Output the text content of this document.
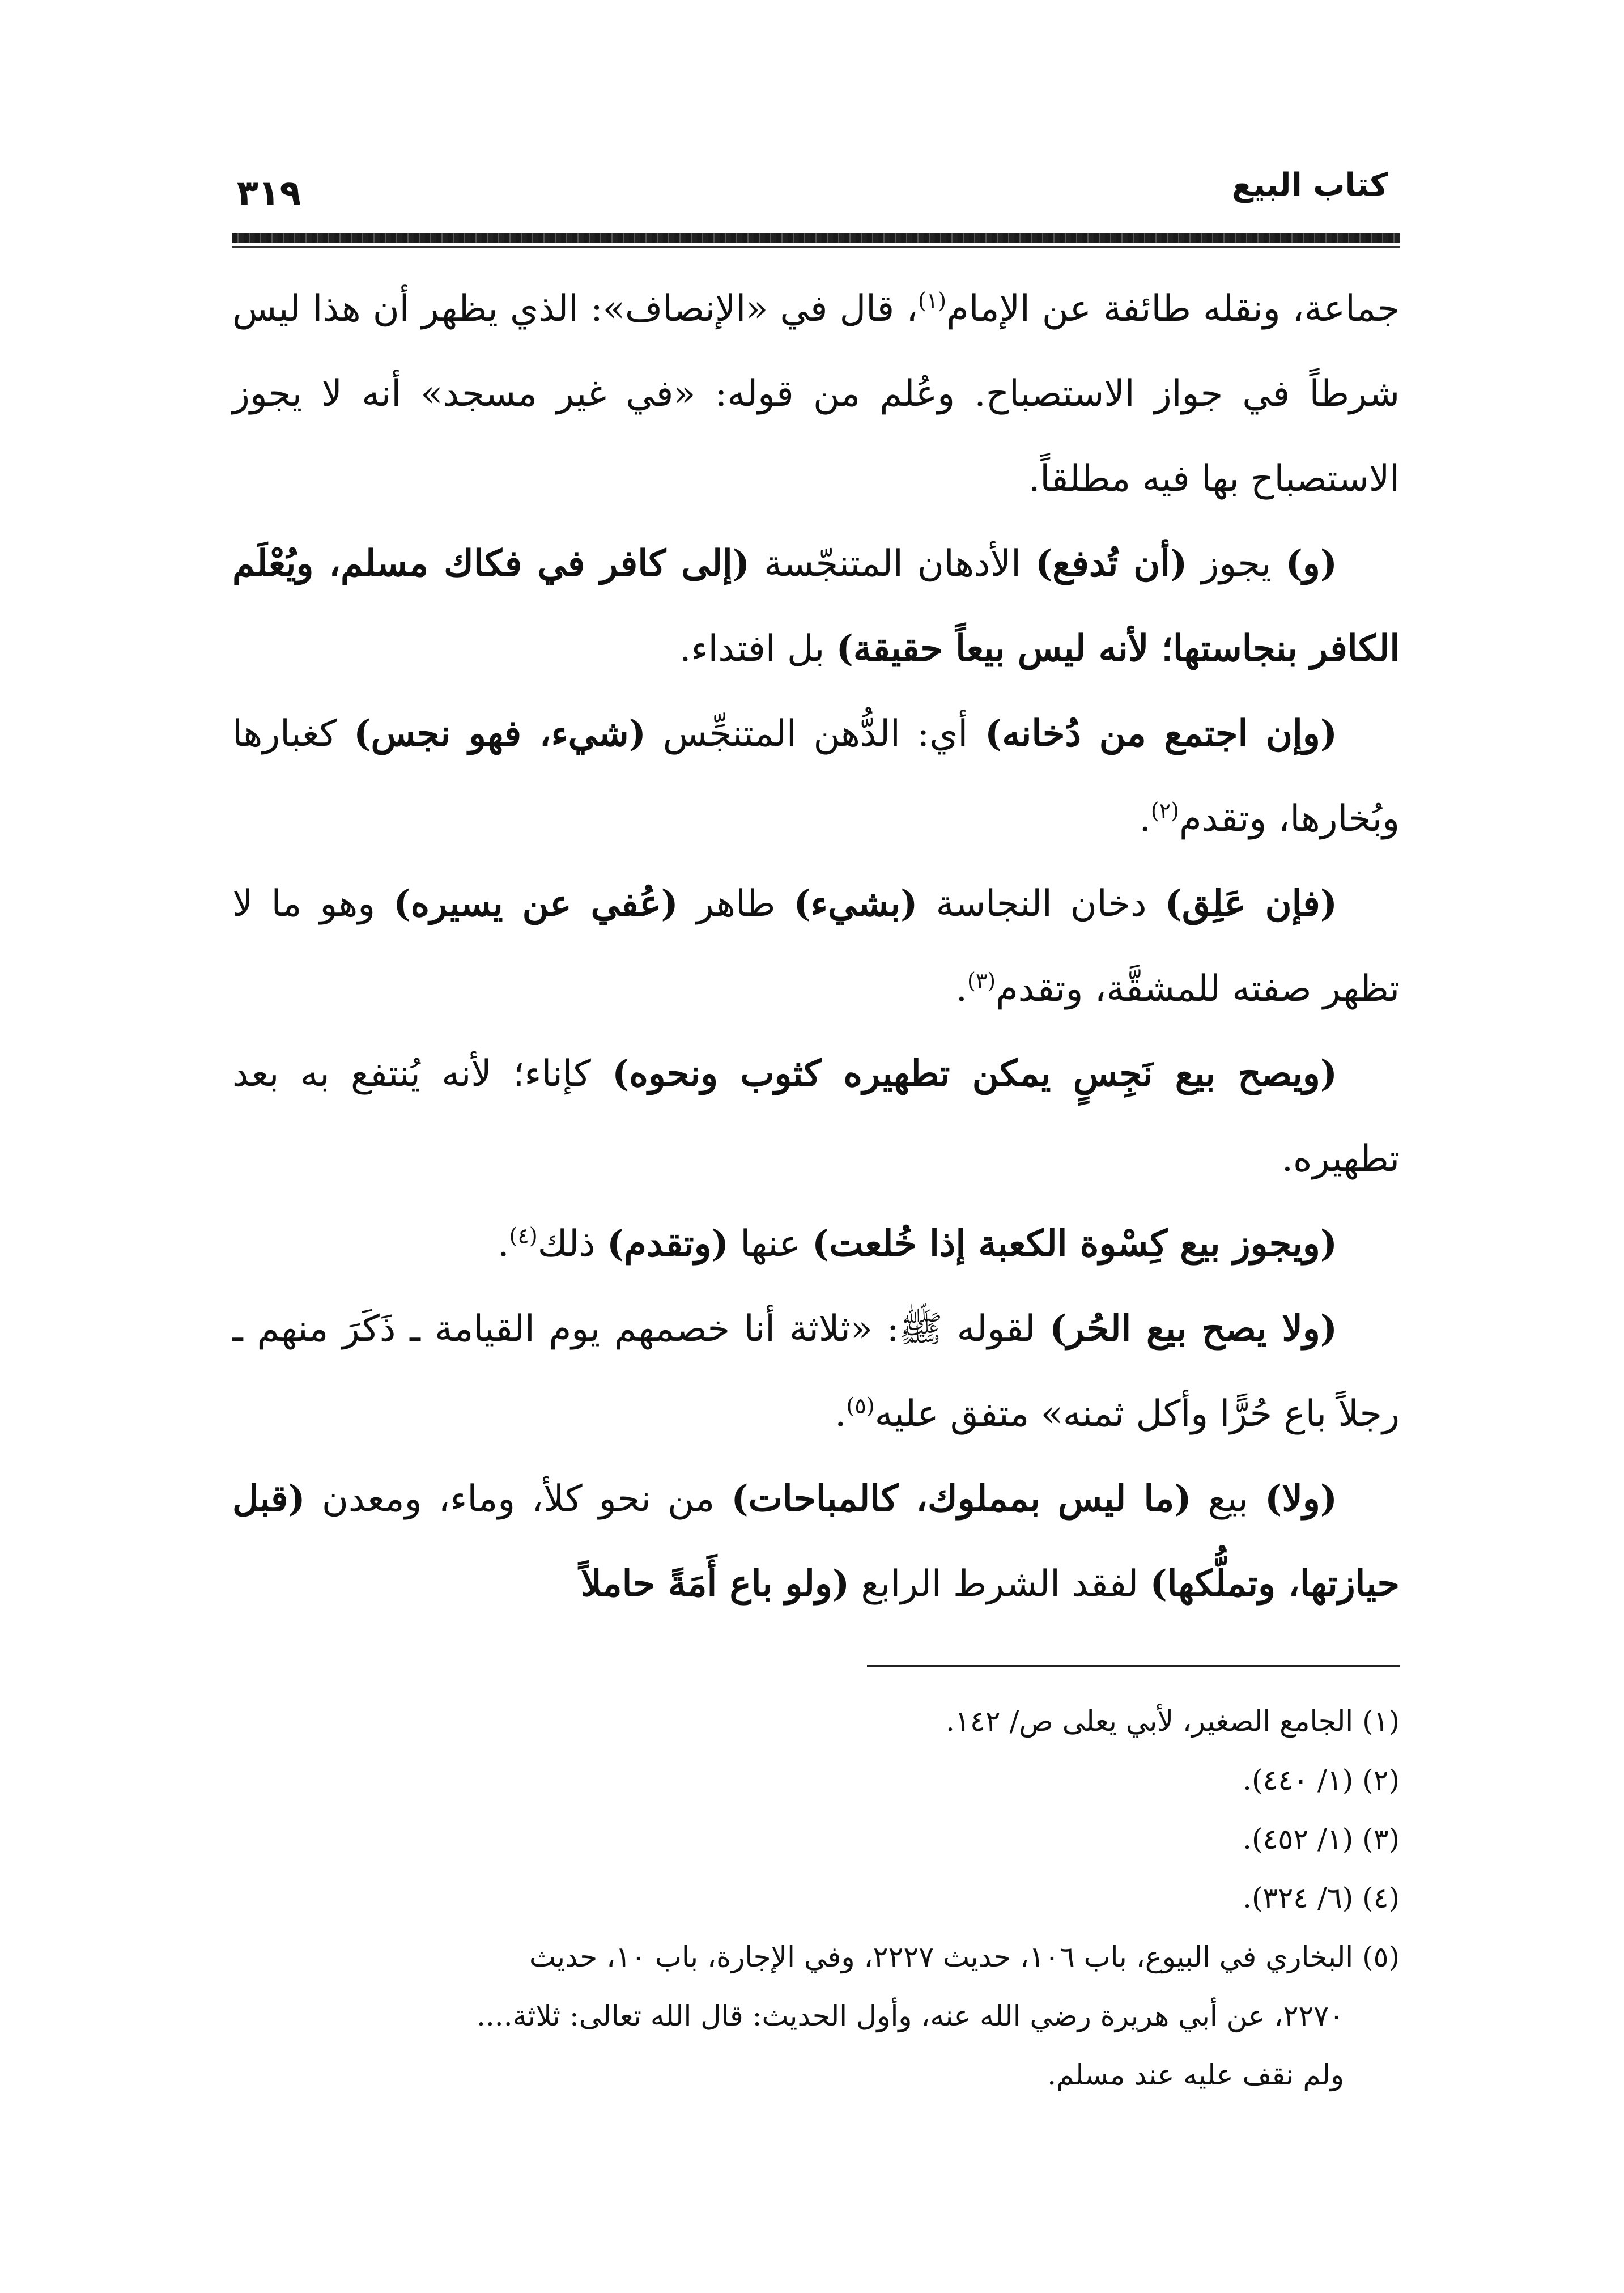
٣١٩	كتاب البيع

جماعة، ونقله طائفة عن الإمام$^{(١)}$، قال في «الإنصاف»: الذي يظهر أن هذا ليس شرطاً في جواز الاستصباح. وعُلم من قوله: «في غير مسجد» أنه لا يجوز الاستصباح بها فيه مطلقاً.

(و) يجوز (أن تُدفع) الأدهان المتنجّسة (إلى كافر في فكاك مسلم، ويُعْلَم الكافر بنجاستها؛ لأنه ليس بيعاً حقيقة) بل افتداء.

(وإن اجتمع من دُخانه) أي: الدُّهن المتنجِّس (شيء، فهو نجس) كغبارها وبُخارها، وتقدم$^{(٢)}$.

(فإن عَلِق) دخان النجاسة (بشيء) طاهر (عُفي عن يسيره) وهو ما لا تظهر صفته للمشقَّة، وتقدم$^{(٣)}$.

(ويصح بيع نَجِسٍ يمكن تطهيره كثوب ونحوه) كإناء؛ لأنه يُنتفع به بعد تطهيره.

(ويجوز بيع كِسْوة الكعبة إذا خُلعت) عنها (وتقدم) ذلك$^{(٤)}$.

(ولا يصح بيع الحُر) لقوله ﷺ: «ثلاثة أنا خصمهم يوم القيامة ـ ذَكَرَ منهم ـ رجلاً باع حُرًّا وأكل ثمنه» متفق عليه$^{(٥)}$.

(ولا) بيع (ما ليس بمملوك، كالمباحات) من نحو كلأ، وماء، ومعدن (قبل حيازتها، وتملُّكها) لفقد الشرط الرابع (ولو باع أَمَةً حاملاً

(١) الجامع الصغير، لأبي يعلى ص/ ١٤٢.

(٢) (١/ ٤٤٠).

(٣) (١/ ٤٥٢).

(٤) (٦/ ٣٢٤).

(٥) البخاري في البيوع، باب ١٠٦، حديث ٢٢٢٧، وفي الإجارة، باب ١٠، حديث

٢٢٧٠، عن أبي هريرة رضي الله عنه، وأول الحديث: قال الله تعالى: ثلاثة....

ولم نقف عليه عند مسلم.
